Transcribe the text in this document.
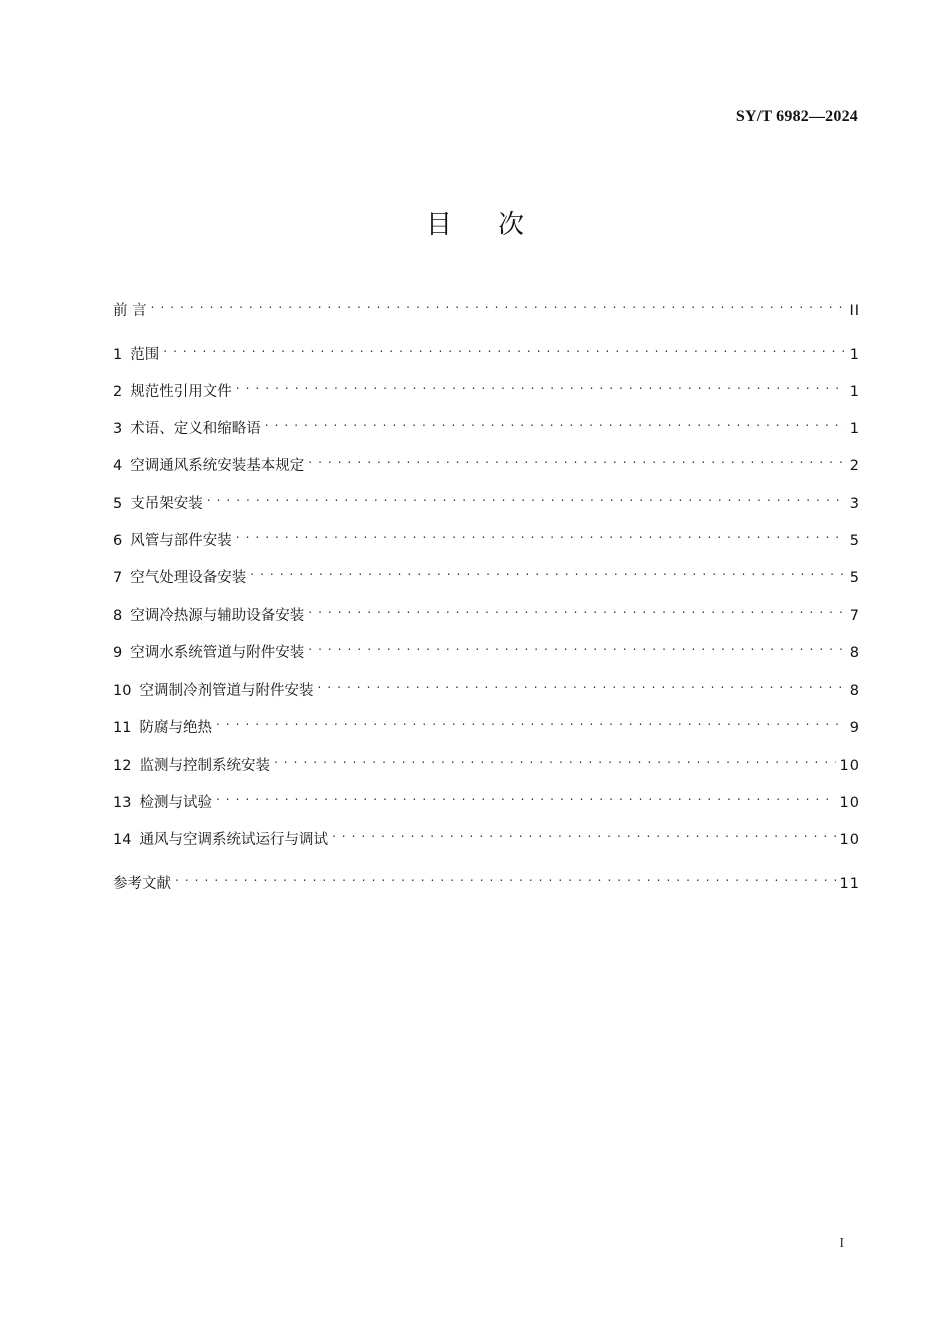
SY/T 6982—2024
目次
前 言 . . .	II
1 范围 . . .	1
2 规范性引用文件 . . .	1
3 术语、定义和缩略语 . . .	1
4 空调通风系统安装基本规定 . . .	2
5 支吊架安装 . . .	3
6 风管与部件安装 . . .	5
7 空气处理设备安装 . . .	5
8 空调冷热源与辅助设备安装 . . .	7
9 空调水系统管道与附件安装 . . .	8
10 空调制冷剂管道与附件安装 . . .	8
11 防腐与绝热 . . .	9
12 监测与控制系统安装 . . .	10
13 检测与试验 . . .	10
14 通风与空调系统试运行与调试 . . .	10
参考文献 . . .	11
I
